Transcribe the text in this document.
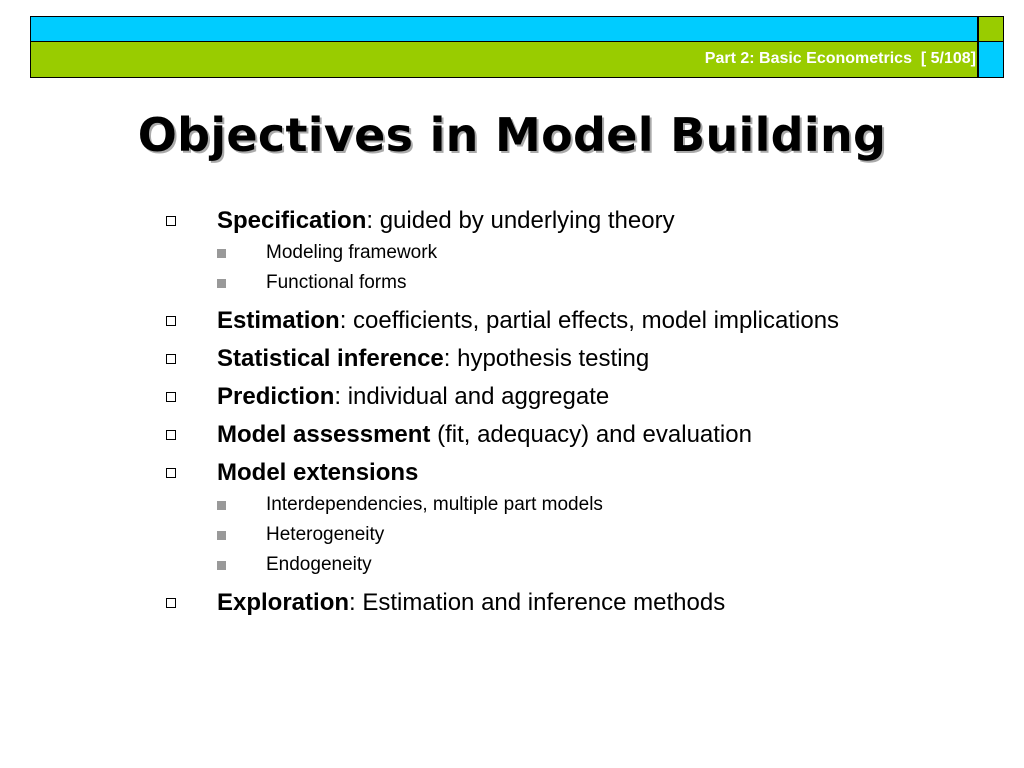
Part 2: Basic Econometrics  [ 5/108]
Objectives in Model Building
Specification: guided by underlying theory
Modeling framework
Functional forms
Estimation: coefficients, partial effects, model implications
Statistical inference: hypothesis testing
Prediction: individual and aggregate
Model assessment (fit, adequacy) and evaluation
Model extensions
Interdependencies, multiple part models
Heterogeneity
Endogeneity
Exploration: Estimation and inference methods
